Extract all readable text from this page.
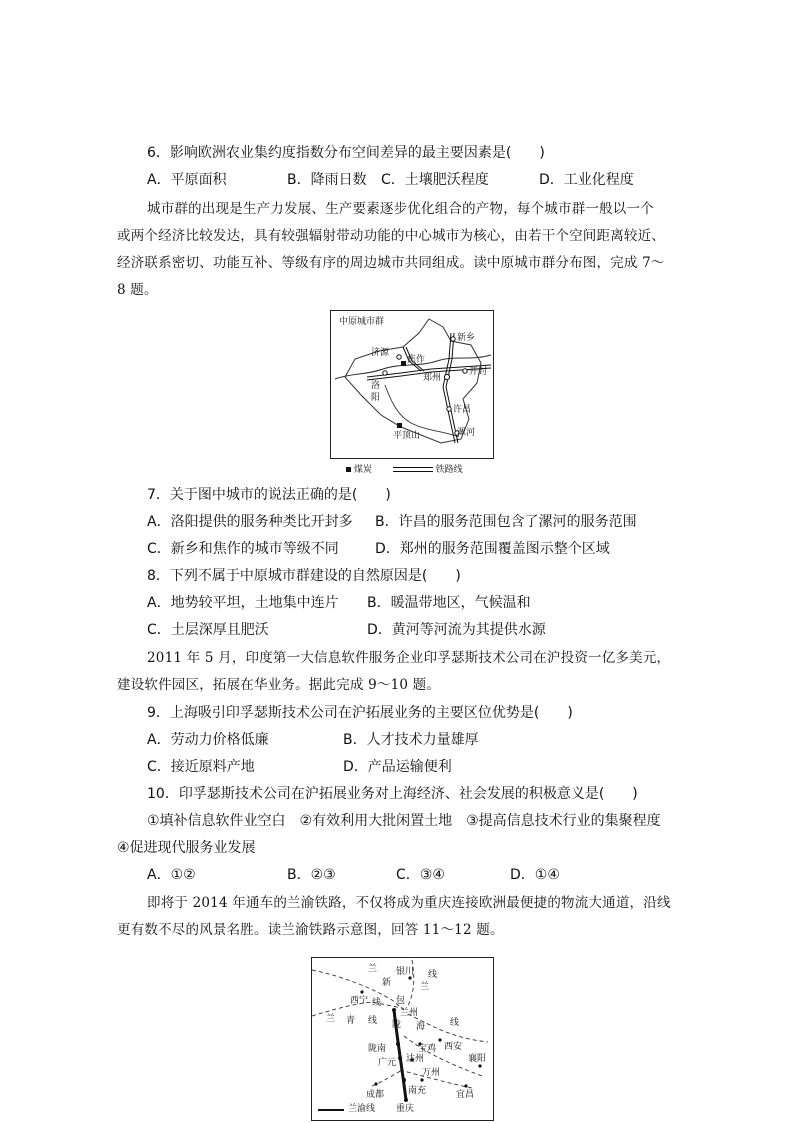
6．影响欧洲农业集约度指数分布空间差异的最主要因素是(　　)
A．平原面积	B．降雨日数 C．土壤肥沃程度	D．工业化程度
城市群的出现是生产力发展、生产要素逐步优化组合的产物，每个城市群一般以一个
或两个经济比较发达，具有较强辐射带动功能的中心城市为核心，由若干个空间距离较近、
经济联系密切、功能互补、等级有序的周边城市共同组成。读中原城市群分布图，完成 7～
8 题。
中原城市群
新乡
济源
焦作
洛
阳
郑州
开封
许昌
平顶山	漯河
煤炭	铁路线
7．关于图中城市的说法正确的是(　　)
A．洛阳提供的服务种类比开封多 B．许昌的服务范围包含了漯河的服务范围
C．新乡和焦作的城市等级不同	D．郑州的服务范围覆盖图示整个区域
8．下列不属于中原城市群建设的自然原因是(　　)
A．地势较平坦，土地集中连片 B．暖温带地区，气候温和
C．土层深厚且肥沃	D．黄河等河流为其提供水源
2011 年 5 月，印度第一大信息软件服务企业印孚瑟斯技术公司在沪投资一亿多美元，
建设软件园区，拓展在华业务。据此完成 9～10 题。
9．上海吸引印孚瑟斯技术公司在沪拓展业务的主要区位优势是(　　)
A．劳动力价格低廉	B．人才技术力量雄厚
C．接近原料产地	D．产品运输便利
10．印孚瑟斯技术公司在沪拓展业务对上海经济、社会发展的积极意义是(　　)
①填补信息软件业空白　②有效利用大批闲置土地　③提高信息技术行业的集聚程度
④促进现代服务业发展
A．①②	B．②③	C．③④	D．①④
即将于 2014 年通车的兰渝铁路，不仅将成为重庆连接欧洲最便捷的物流大通道，沿线
更有数不尽的风景名胜。读兰渝铁路示意图，回答 11～12 题。
兰
新
银川 线
兰
西宁 线 包
兰州
兰 青 线 陇 海	线
陇南	宝鸡 西安
广元 达州	襄阳
万州
成都	南充	宜昌
重庆
兰渝线
